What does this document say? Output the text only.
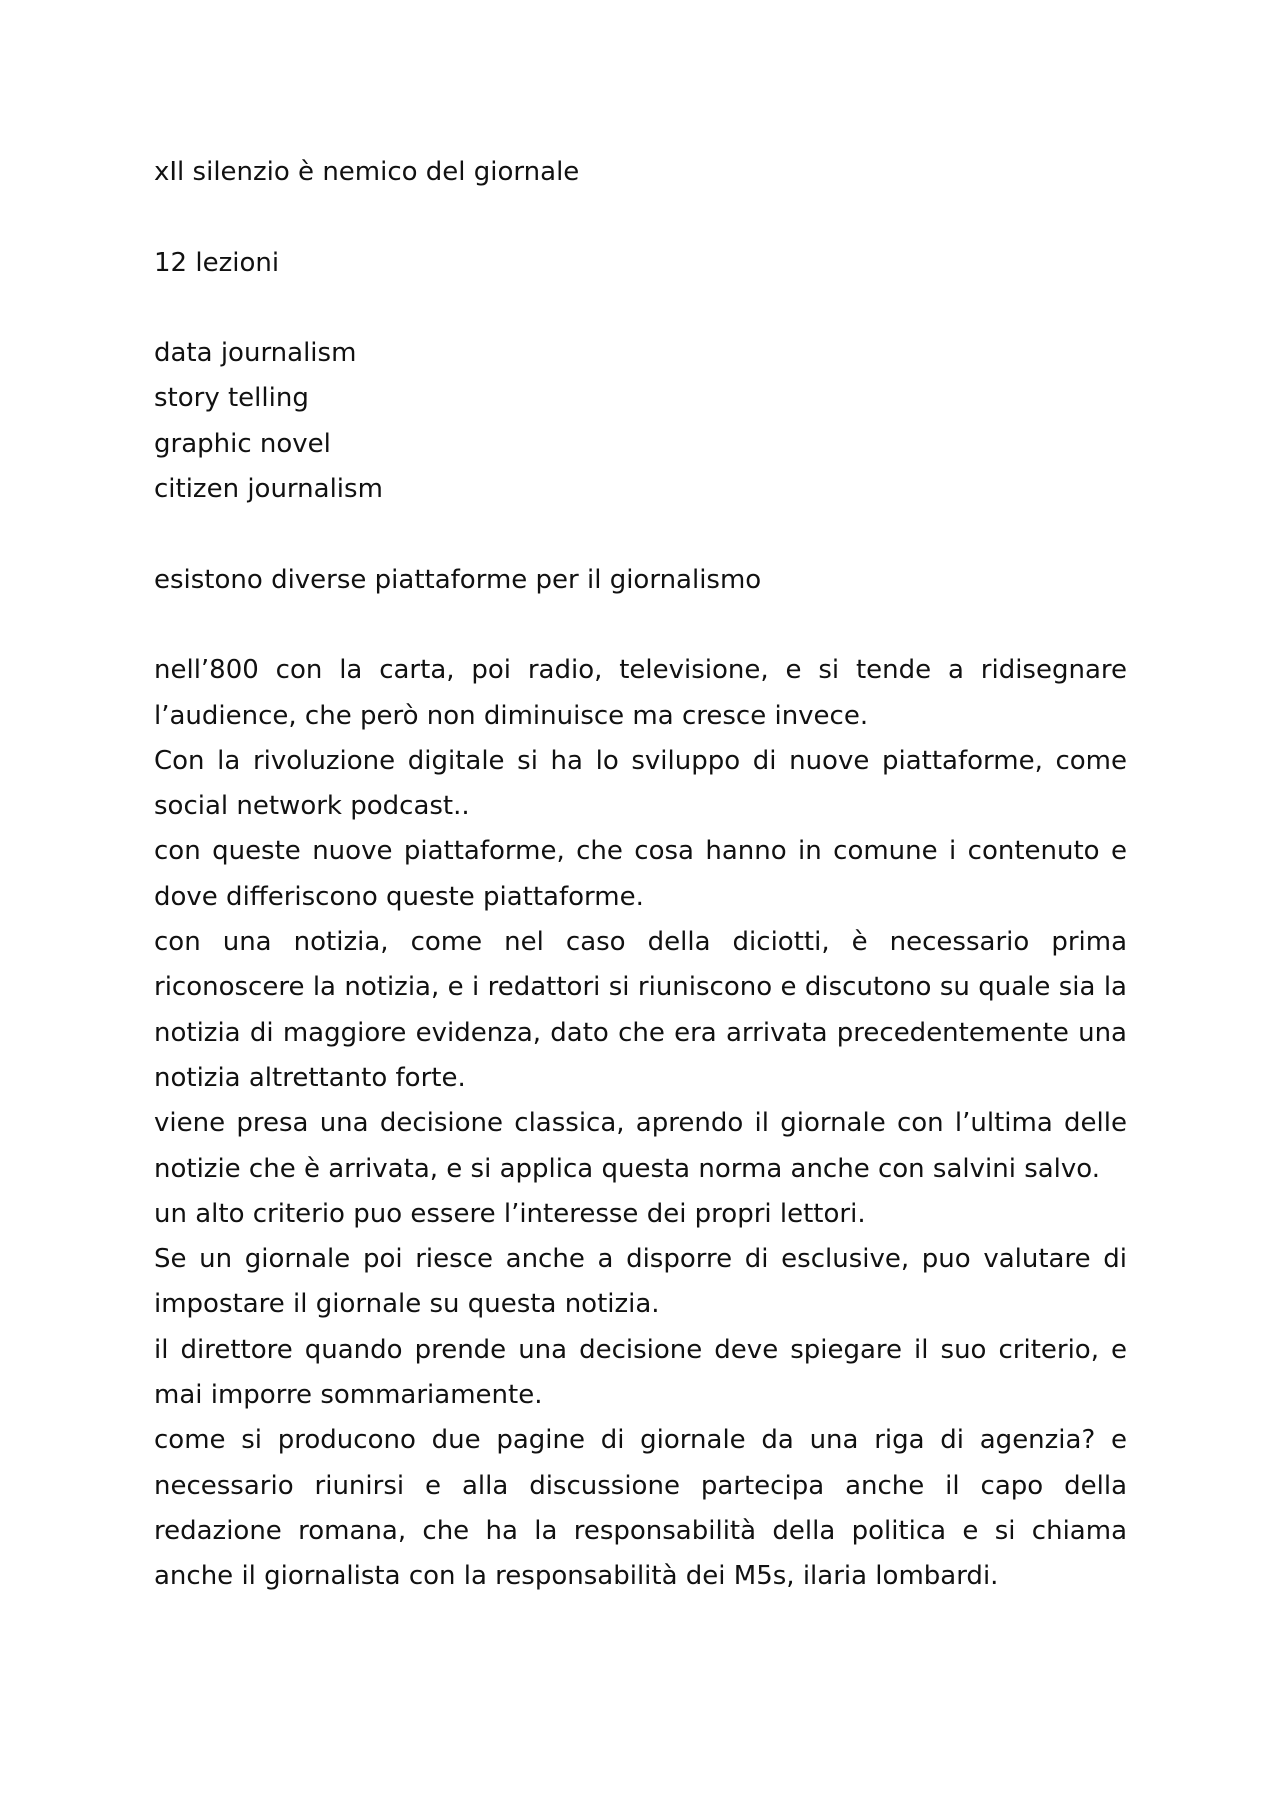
xIl silenzio è nemico del giornale
12 lezioni
data journalism
story telling
graphic novel
citizen journalism
esistono diverse piattaforme per il giornalismo

nell’800 con la carta, poi radio, televisione, e si tende a ridisegnare l’audience, che però non diminuisce ma cresce invece.

Con la rivoluzione digitale si ha lo sviluppo di nuove piattaforme, come social network podcast..

con queste nuove piattaforme, che cosa hanno in comune i contenuto e dove differiscono queste piattaforme.

con una notizia, come nel caso della diciotti, è necessario prima riconoscere la notizia, e i redattori si riuniscono e discutono su quale sia la notizia di maggiore evidenza, dato che era arrivata precedentemente una notizia altrettanto forte.

viene presa una decisione classica, aprendo il giornale con l’ultima delle notizie che è arrivata, e si applica questa norma anche con salvini salvo.

un alto criterio puo essere l’interesse dei propri lettori.

Se un giornale poi riesce anche a disporre di esclusive, puo valutare di impostare il giornale su questa notizia.

il direttore quando prende una decisione deve spiegare il suo criterio, e mai imporre sommariamente.

come si producono due pagine di giornale da una riga di agenzia? e necessario riunirsi e alla discussione partecipa anche il capo della redazione romana, che ha la responsabilità della politica e si chiama anche il giornalista con la responsabilità dei M5s, ilaria lombardi.
